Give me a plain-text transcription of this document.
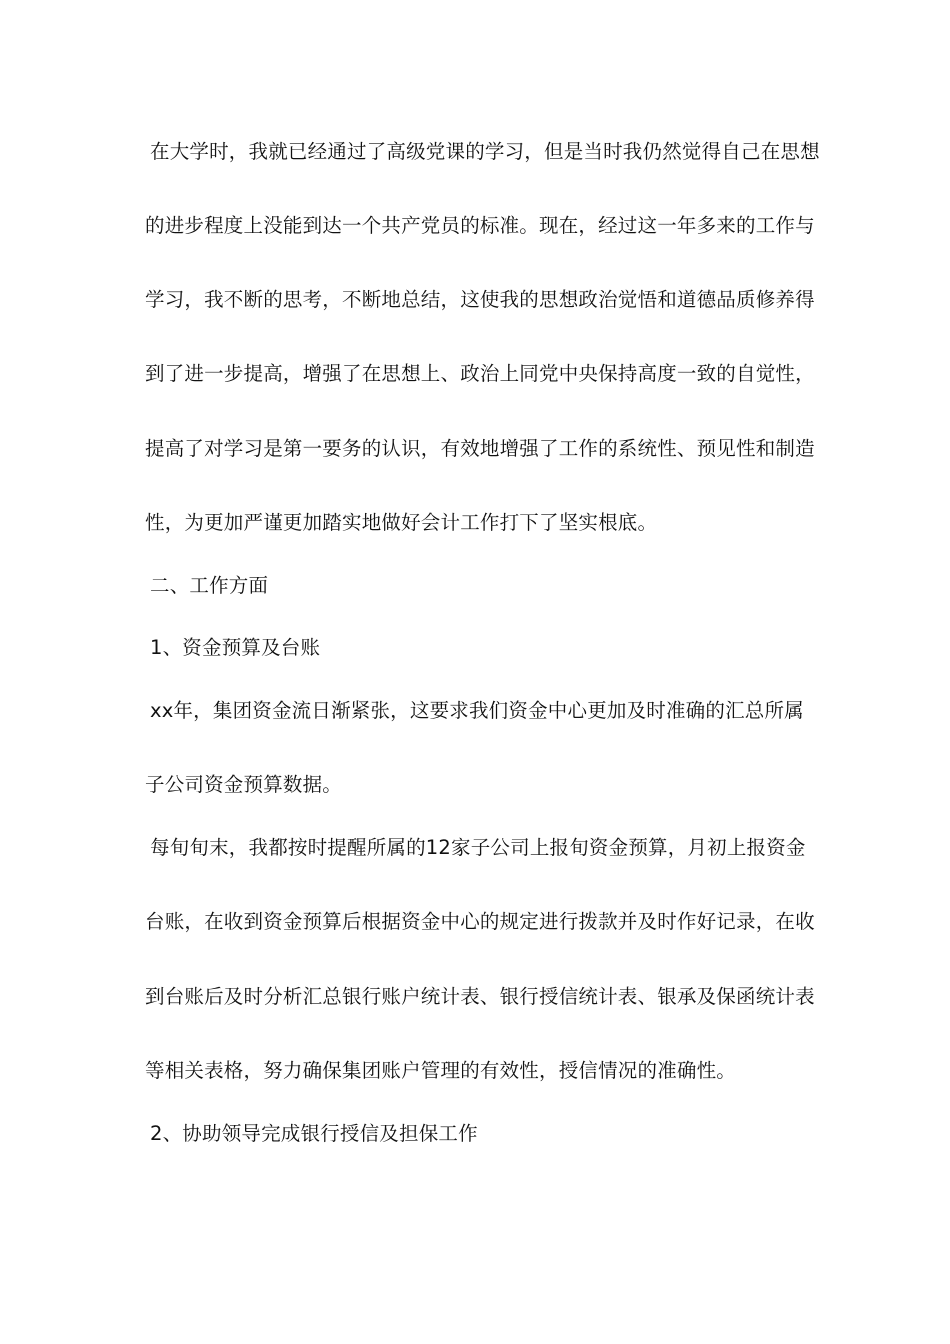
在大学时，我就已经通过了高级党课的学习，但是当时我仍然觉得自己在思想
的进步程度上没能到达一个共产党员的标准。现在，经过这一年多来的工作与
学习，我不断的思考，不断地总结，这使我的思想政治觉悟和道德品质修养得
到了进一步提高，增强了在思想上、政治上同党中央保持高度一致的自觉性，
提高了对学习是第一要务的认识，有效地增强了工作的系统性、预见性和制造
性，为更加严谨更加踏实地做好会计工作打下了坚实根底。
二、工作方面
1、资金预算及台账
xx年，集团资金流日渐紧张，这要求我们资金中心更加及时准确的汇总所属
子公司资金预算数据。
每旬旬末，我都按时提醒所属的12家子公司上报旬资金预算，月初上报资金
台账，在收到资金预算后根据资金中心的规定进行拨款并及时作好记录，在收
到台账后及时分析汇总银行账户统计表、银行授信统计表、银承及保函统计表
等相关表格，努力确保集团账户管理的有效性，授信情况的准确性。
2、协助领导完成银行授信及担保工作
